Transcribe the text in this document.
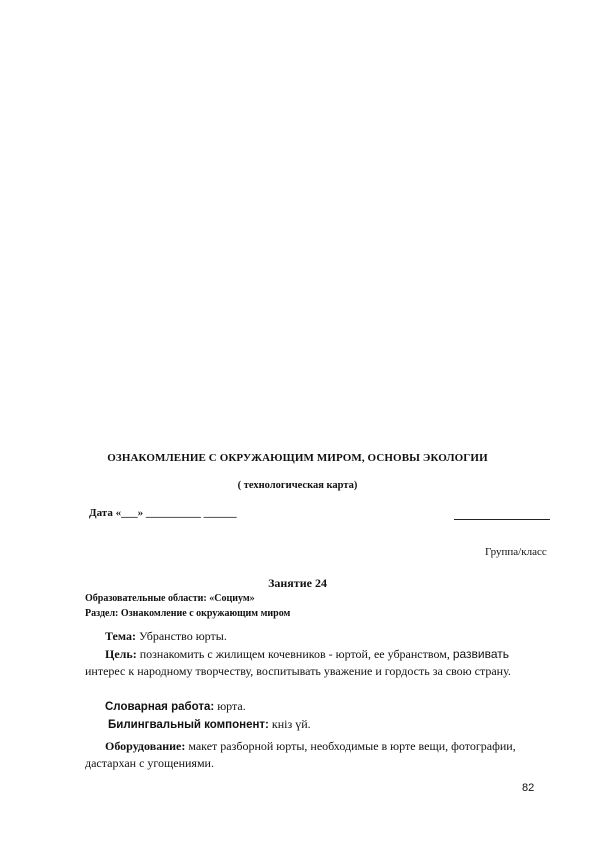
ОЗНАКОМЛЕНИЕ С ОКРУЖАЮЩИМ МИРОМ, ОСНОВЫ ЭКОЛОГИИ
( технологическая карта)
Дата «___» __________ ______
Группа/класс
Занятие 24
Образовательные области: «Социум»
Раздел: Ознакомление с окружающим миром
Тема: Убранство юрты.
Цель: познакомить с жилищем кочевников - юртой, ее убранством, развивать интерес к народному творчеству, воспитывать уважение и гордость за свою страну.
Словарная работа: юрта.
Билингвальный компонент: кнiз үй.
Оборудование: макет разборной юрты, необходимые в юрте вещи, фотографии, дастархан с угощениями.
82
